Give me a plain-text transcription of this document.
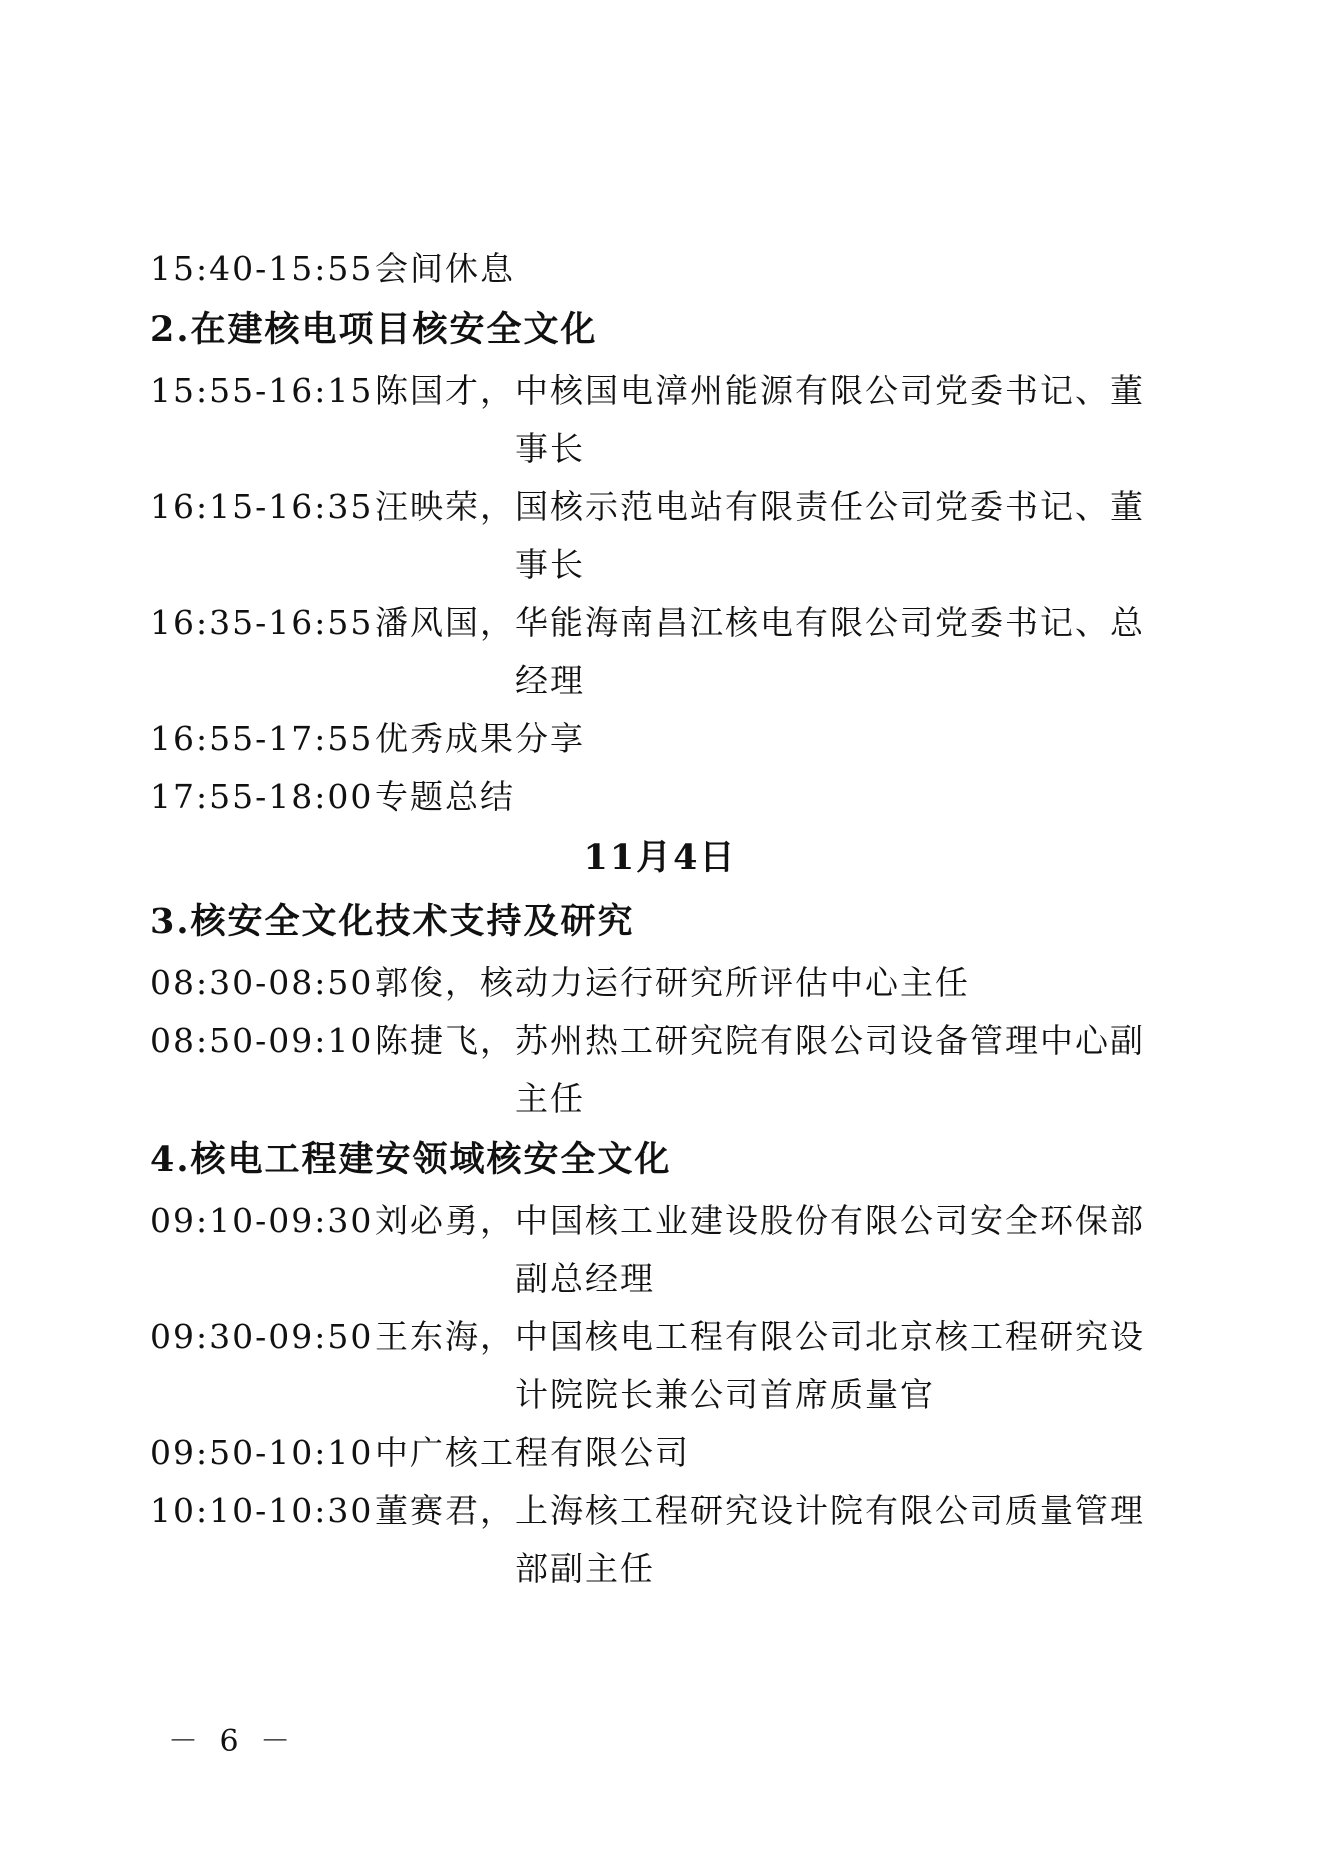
15:40-15:55 会间休息
2.在建核电项目核安全文化
15:55-16:15 陈国才， 中核国电漳州能源有限公司党委书记、董事长
16:15-16:35 汪映荣， 国核示范电站有限责任公司党委书记、董事长
16:35-16:55 潘风国， 华能海南昌江核电有限公司党委书记、总经理
16:55-17:55 优秀成果分享
17:55-18:00 专题总结
11月4日
3.核安全文化技术支持及研究
08:30-08:50 郭俊， 核动力运行研究所评估中心主任
08:50-09:10 陈捷飞， 苏州热工研究院有限公司设备管理中心副主任
4.核电工程建安领域核安全文化
09:10-09:30 刘必勇， 中国核工业建设股份有限公司安全环保部副总经理
09:30-09:50 王东海， 中国核电工程有限公司北京核工程研究设计院院长兼公司首席质量官
09:50-10:10 中广核工程有限公司
10:10-10:30 董赛君， 上海核工程研究设计院有限公司质量管理部副主任
－ 6 －
